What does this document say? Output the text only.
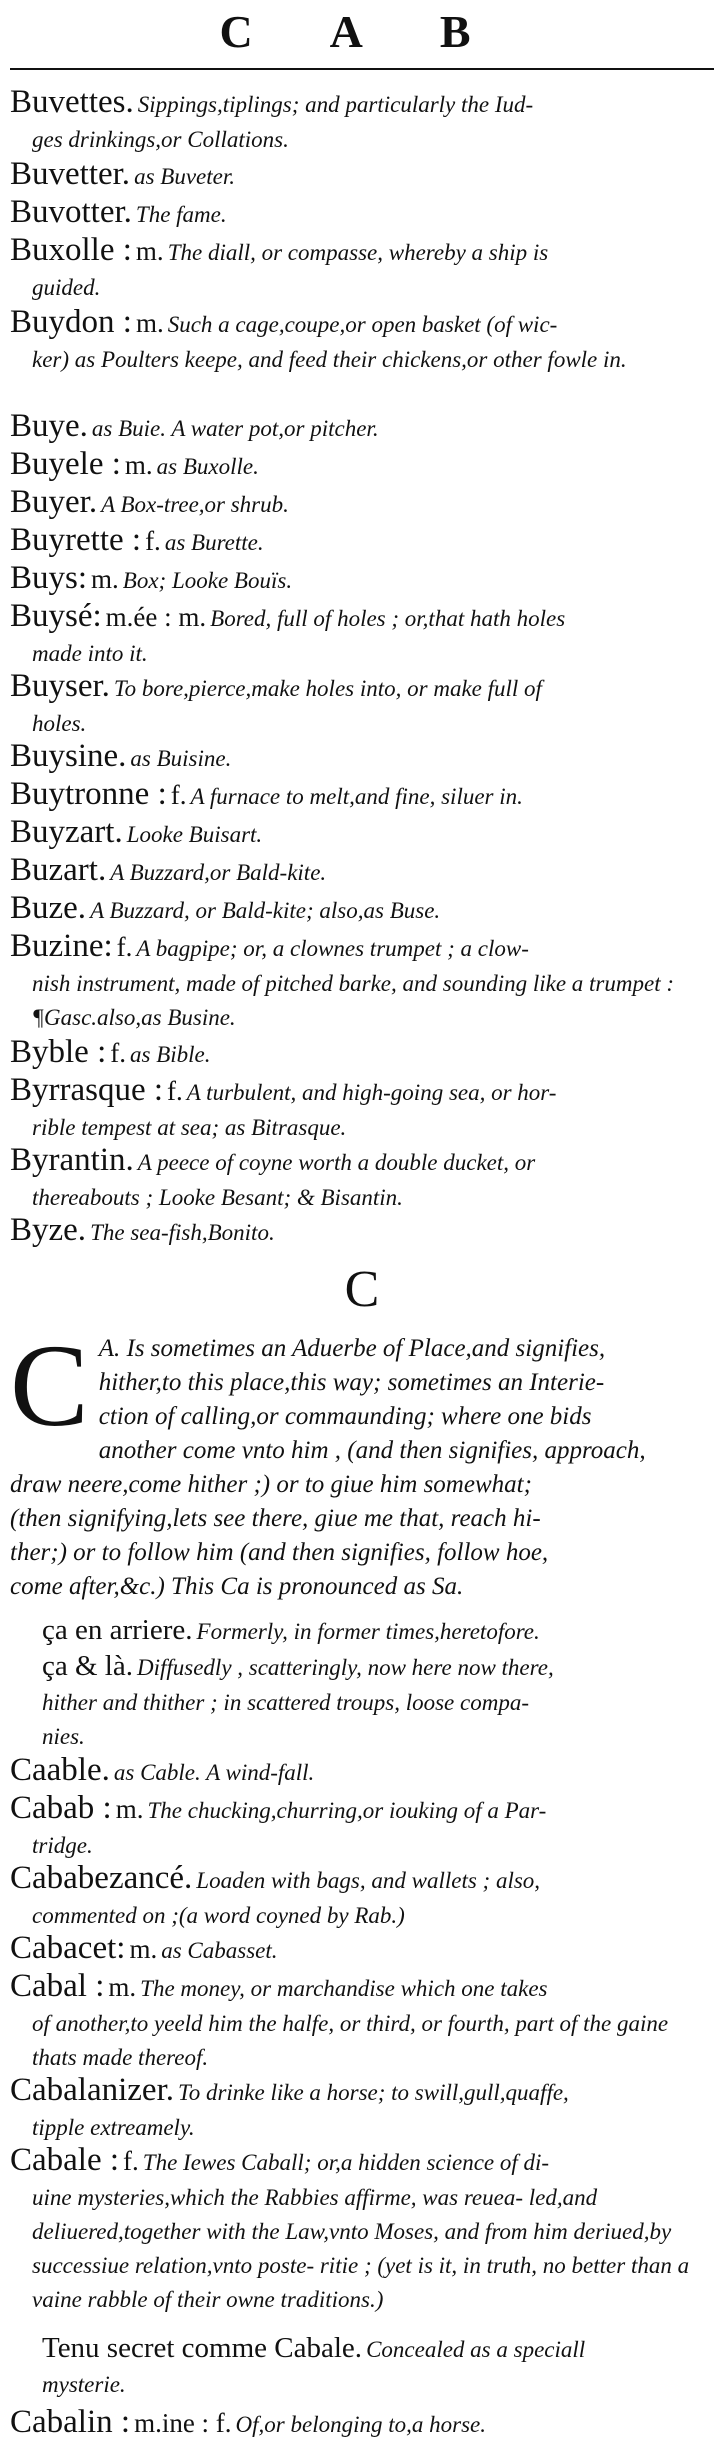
C A B
Buvettes. Sippings,tiplings; and particularly the Iud-
ges drinkings,or Collations.
Buvetter. as Buveter.
Buvotter. The fame.
Buxolle : m. The diall, or compasse, whereby a ship is
guided.
Buydon : m. Such a cage,coupe,or open basket (of wic-
ker) as Poulters keepe, and feed their chickens,or other fowle in.
Buye. as Buie. A water pot,or pitcher.
Buyele : m. as Buxolle.
Buyer. A Box-tree,or shrub.
Buyrette : f. as Burette.
Buys: m. Box; Looke Bouïs.
Buysé: m.ée : m. Bored, full of holes ; or,that hath holes
made into it.
Buyser. To bore,pierce,make holes into, or make full of
holes.
Buysine. as Buisine.
Buytronne : f. A furnace to melt,and fine, siluer in.
Buyzart. Looke Buisart.
Buzart. A Buzzard,or Bald-kite.
Buze. A Buzzard, or Bald-kite; also,as Buse.
Buzine: f. A bagpipe; or, a clownes trumpet ; a clow-
nish instrument, made of pitched barke, and sounding like a trumpet : ¶Gasc.also,as Busine.
Byble : f. as Bible.
Byrrasque : f. A turbulent, and high-going sea, or hor-
rible tempest at sea; as Bitrasque.
Byrantin. A peece of coyne worth a double ducket, or
thereabouts ; Looke Besant; & Bisantin.
Byze. The sea-fish,Bonito.
C
C A. Is sometimes an Aduerbe of Place,and signifies,
hither,to this place,this way; sometimes an Interie-
ction of calling,or commaunding; where one bids
another come vnto him , (and then signifies, approach,
draw neere,come hither ;) or to giue him somewhat;
(then signifying,lets see there, giue me that, reach hi-
ther;) or to follow him (and then signifies, follow hoe,
come after,&c.) This Ca is pronounced as Sa.
ça en arriere. Formerly, in former times,heretofore.
ça & là. Diffusedly , scatteringly, now here now there,
hither and thither ; in scattered troups, loose compa-
nies.
Caable. as Cable. A wind-fall.
Cabab : m. The chucking,churring,or iouking of a Par-
tridge.
Cababezancé. Loaden with bags, and wallets ; also,
commented on ;(a word coyned by Rab.)
Cabacet: m. as Cabasset.
Cabal : m. The money, or marchandise which one takes
of another,to yeeld him the halfe, or third, or fourth, part of the gaine thats made thereof.
Cabalanizer. To drinke like a horse; to swill,gull,quaffe,
tipple extreamely.
Cabale : f. The Iewes Caball; or,a hidden science of di-
uine mysteries,which the Rabbies affirme, was reuea- led,and deliuered,together with the Law,vnto Moses, and from him deriued,by successiue relation,vnto poste- ritie ; (yet is it, in truth, no better than a vaine rabble of their owne traditions.)
Tenu secret comme Cabale. Concealed as a speciall
mysterie.
Cabalin : m.ine : f. Of,or belonging to,a horse.
